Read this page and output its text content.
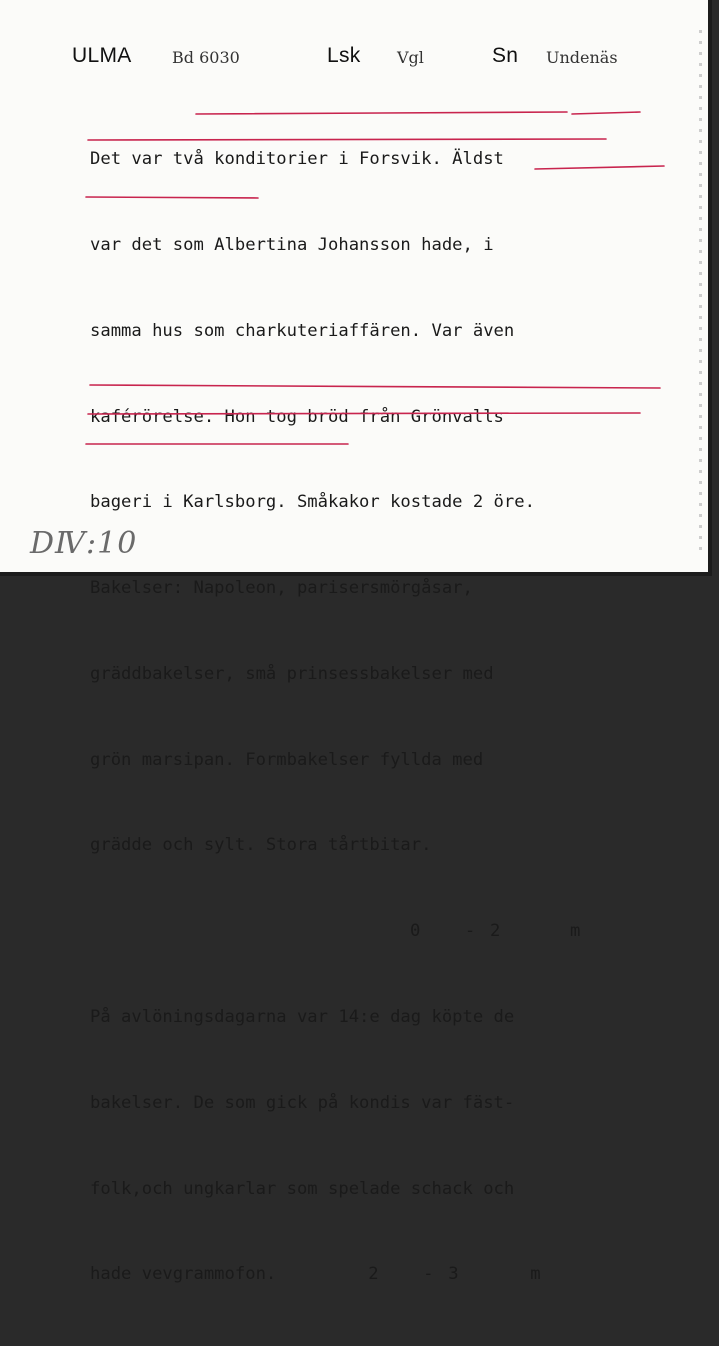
ULMA	Bd 6030	Lsk Vgl	Sn Undenäs

Det var två konditorier i Forsvik. Äldst

var det som Albertina Johansson hade, i

samma hus som charkuteriaffären. Var även

kaférörelse. Hon tog bröd från Grönvalls

bageri i Karlsborg. Småkakor kostade 2 öre.

Bakelser: Napoleon, parisersmörgåsar,

gräddbakelser, små prinsessbakelser med

grön marsipan. Formbakelser fyllda med

grädde och sylt. Stora tårtbitar.

0	- 2	m

På avlöningsdagarna var 14:e dag köpte de

bakelser. De som gick på kondis var fäst-

folk,och ungkarlar som spelade schack och

hade vevgrammofon.	2	- 3	m

DⅣ:10
